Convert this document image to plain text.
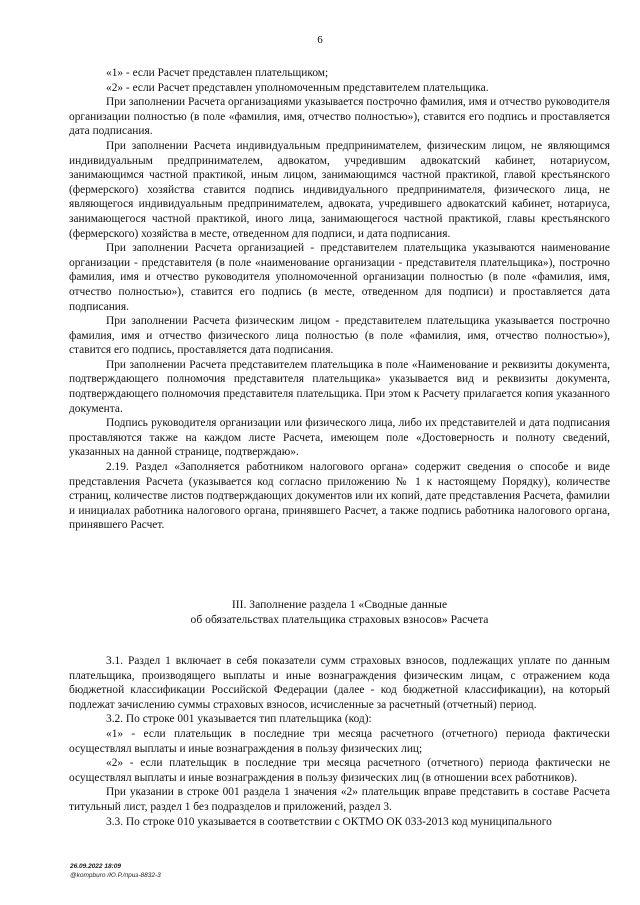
6

«1» - если Расчет представлен плательщиком;

«2» - если Расчет представлен уполномоченным представителем плательщика.

При заполнении Расчета организациями указывается построчно фамилия, имя и отчество руководителя организации полностью (в поле «фамилия, имя, отчество полностью»), ставится его подпись и проставляется дата подписания.

При заполнении Расчета индивидуальным предпринимателем, физическим лицом, не являющимся индивидуальным предпринимателем, адвокатом, учредившим адвокатский кабинет, нотариусом, занимающимся частной практикой, иным лицом, занимающимся частной практикой, главой крестьянского (фермерского) хозяйства ставится подпись индивидуального предпринимателя, физического лица, не являющегося индивидуальным предпринимателем, адвоката, учредившего адвокатский кабинет, нотариуса, занимающегося частной практикой, иного лица, занимающегося частной практикой, главы крестьянского (фермерского) хозяйства в месте, отведенном для подписи, и дата подписания.

При заполнении Расчета организацией - представителем плательщика указываются наименование организации - представителя (в поле «наименование организации - представителя плательщика»), построчно фамилия, имя и отчество руководителя уполномоченной организации полностью (в поле «фамилия, имя, отчество полностью»), ставится его подпись (в месте, отведенном для подписи) и проставляется дата подписания.

При заполнении Расчета физическим лицом - представителем плательщика указывается построчно фамилия, имя и отчество физического лица полностью (в поле «фамилия, имя, отчество полностью»), ставится его подпись, проставляется дата подписания.

При заполнении Расчета представителем плательщика в поле «Наименование и реквизиты документа, подтверждающего полномочия представителя плательщика» указывается вид и реквизиты документа, подтверждающего полномочия представителя плательщика. При этом к Расчету прилагается копия указанного документа.

Подпись руководителя организации или физического лица, либо их представителей и дата подписания проставляются также на каждом листе Расчета, имеющем поле «Достоверность и полноту сведений, указанных на данной странице, подтверждаю».

2.19. Раздел «Заполняется работником налогового органа» содержит сведения о способе и виде представления Расчета (указывается код согласно приложению № 1 к настоящему Порядку), количестве страниц, количестве листов подтверждающих документов или их копий, дате представления Расчета, фамилии и инициалах работника налогового органа, принявшего Расчет, а также подпись работника налогового органа, принявшего Расчет.

III. Заполнение раздела 1 «Сводные данные
об обязательствах плательщика страховых взносов» Расчета

3.1. Раздел 1 включает в себя показатели сумм страховых взносов, подлежащих уплате по данным плательщика, производящего выплаты и иные вознаграждения физическим лицам, с отражением кода бюджетной классификации Российской Федерации (далее - код бюджетной классификации), на который подлежат зачислению суммы страховых взносов, исчисленные за расчетный (отчетный) период.

3.2. По строке 001 указывается тип плательщика (код):

«1» - если плательщик в последние три месяца расчетного (отчетного) периода фактически осуществлял выплаты и иные вознаграждения в пользу физических лиц;

«2» - если плательщик в последние три месяца расчетного (отчетного) периода фактически не осуществлял выплаты и иные вознаграждения в пользу физических лиц (в отношении всех работников).

При указании в строке 001 раздела 1 значения «2» плательщик вправе представить в составе Расчета титульный лист, раздел 1 без подразделов и приложений, раздел 3.

3.3. По строке 010 указывается в соответствии с ОКТМО ОК 033-2013 код муниципального

26.09.2022 18:09
@kompburo /Ю.Р./приз-8832-3
